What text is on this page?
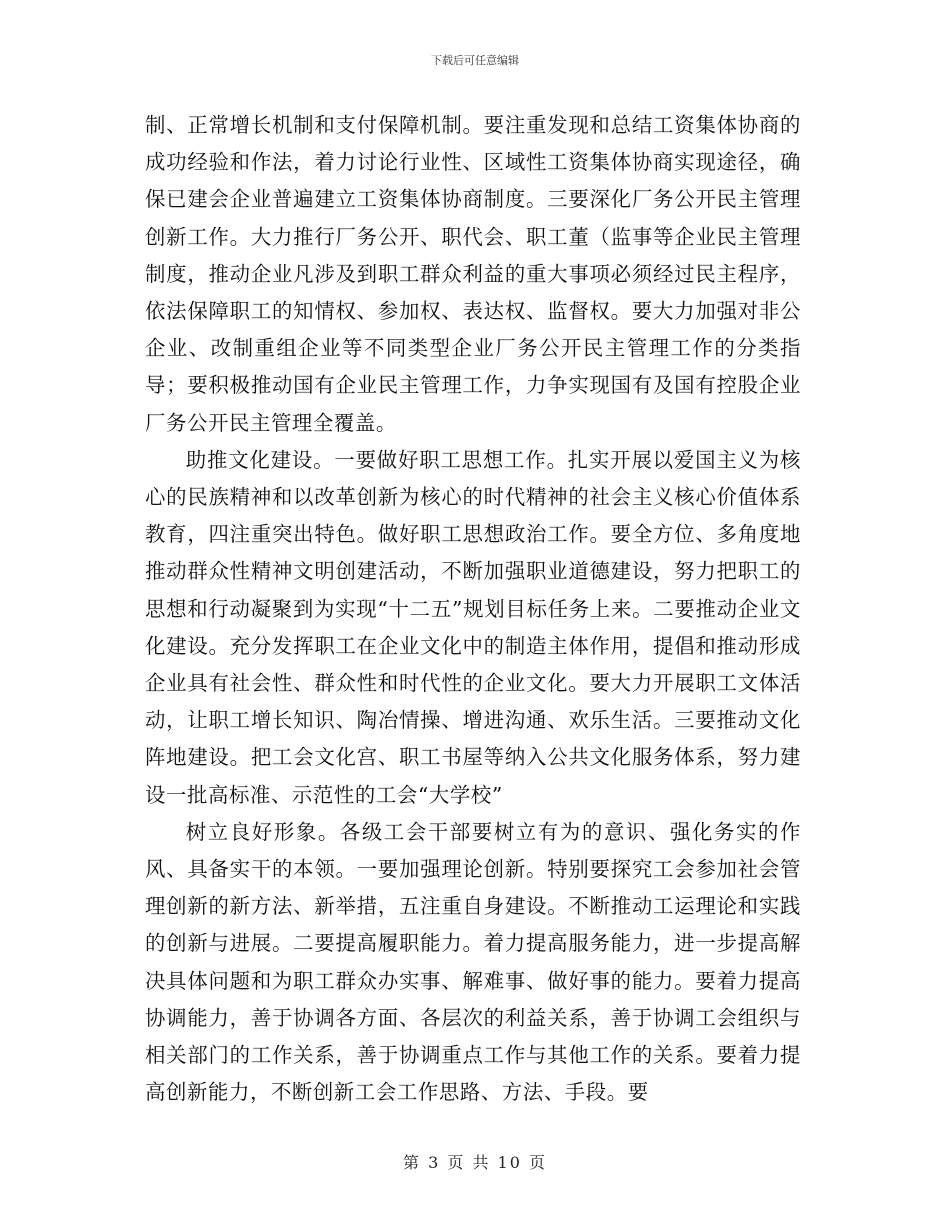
下载后可任意编辑

制、正常增长机制和支付保障机制。要注重发现和总结工资集体协商的成功经验和作法，着力讨论行业性、区域性工资集体协商实现途径，确保已建会企业普遍建立工资集体协商制度。三要深化厂务公开民主管理创新工作。大力推行厂务公开、职代会、职工董（监事等企业民主管理制度，推动企业凡涉及到职工群众利益的重大事项必须经过民主程序，依法保障职工的知情权、参加权、表达权、监督权。要大力加强对非公企业、改制重组企业等不同类型企业厂务公开民主管理工作的分类指导；要积极推动国有企业民主管理工作，力争实现国有及国有控股企业厂务公开民主管理全覆盖。

助推文化建设。一要做好职工思想工作。扎实开展以爱国主义为核心的民族精神和以改革创新为核心的时代精神的社会主义核心价值体系教育，四注重突出特色。做好职工思想政治工作。要全方位、多角度地推动群众性精神文明创建活动，不断加强职业道德建设，努力把职工的思想和行动凝聚到为实现“十二五”规划目标任务上来。二要推动企业文化建设。充分发挥职工在企业文化中的制造主体作用，提倡和推动形成企业具有社会性、群众性和时代性的企业文化。要大力开展职工文体活动，让职工增长知识、陶冶情操、增进沟通、欢乐生活。三要推动文化阵地建设。把工会文化宫、职工书屋等纳入公共文化服务体系，努力建设一批高标准、示范性的工会“大学校”

树立良好形象。各级工会干部要树立有为的意识、强化务实的作风、具备实干的本领。一要加强理论创新。特别要探究工会参加社会管理创新的新方法、新举措，五注重自身建设。不断推动工运理论和实践的创新与进展。二要提高履职能力。着力提高服务能力，进一步提高解决具体问题和为职工群众办实事、解难事、做好事的能力。要着力提高协调能力，善于协调各方面、各层次的利益关系，善于协调工会组织与相关部门的工作关系，善于协调重点工作与其他工作的关系。要着力提高创新能力，不断创新工会工作思路、方法、手段。要

第 3 页 共 10 页
